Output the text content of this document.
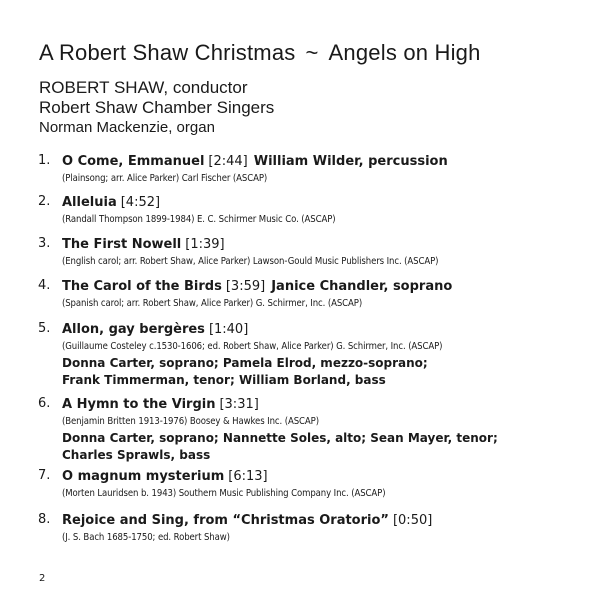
A Robert Shaw Christmas ~ Angels on High
ROBERT SHAW, conductor
Robert Shaw Chamber Singers
Norman Mackenzie, organ
1. O Come, Emmanuel [2:44] William Wilder, percussion
(Plainsong; arr. Alice Parker) Carl Fischer (ASCAP)
2. Alleluia [4:52]
(Randall Thompson 1899-1984) E. C. Schirmer Music Co. (ASCAP)
3. The First Nowell [1:39]
(English carol; arr. Robert Shaw, Alice Parker) Lawson-Gould Music Publishers Inc. (ASCAP)
4. The Carol of the Birds [3:59] Janice Chandler, soprano
(Spanish carol; arr. Robert Shaw, Alice Parker) G. Schirmer, Inc. (ASCAP)
5. Allon, gay bergères [1:40]
(Guillaume Costeley c.1530-1606; ed. Robert Shaw, Alice Parker) G. Schirmer, Inc. (ASCAP)
Donna Carter, soprano; Pamela Elrod, mezzo-soprano;
Frank Timmerman, tenor; William Borland, bass
6. A Hymn to the Virgin [3:31]
(Benjamin Britten 1913-1976) Boosey & Hawkes Inc. (ASCAP)
Donna Carter, soprano; Nannette Soles, alto; Sean Mayer, tenor;
Charles Sprawls, bass
7. O magnum mysterium [6:13]
(Morten Lauridsen b. 1943) Southern Music Publishing Company Inc. (ASCAP)
8. Rejoice and Sing, from “Christmas Oratorio” [0:50]
(J. S. Bach 1685-1750; ed. Robert Shaw)
2
